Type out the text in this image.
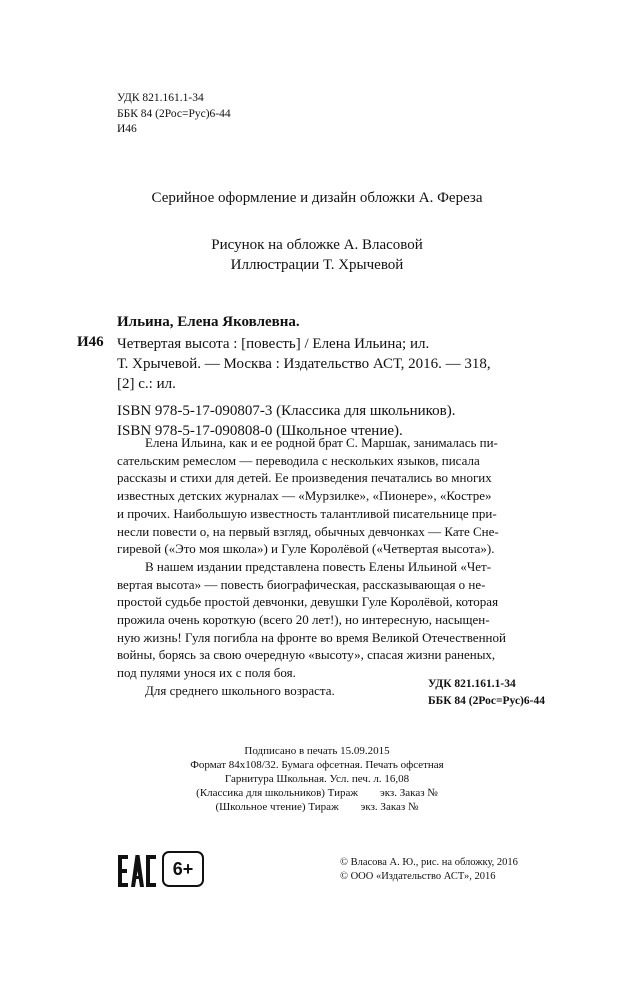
УДК 821.161.1-34
ББК 84 (2Рос=Рус)6-44
И46
Серийное оформление и дизайн обложки А. Фереза
Рисунок на обложке А. Власовой
Иллюстрации Т. Хрычевой
Ильина, Елена Яковлевна.
И46 Четвертая высота : [повесть] / Елена Ильина; ил.
Т. Хрычевой. — Москва : Издательство АСТ, 2016. — 318,
[2] с.: ил.
ISBN 978-5-17-090807-3 (Классика для школьников).
ISBN 978-5-17-090808-0 (Школьное чтение).
Елена Ильина, как и ее родной брат С. Маршак, занималась пи-
сательским ремеслом — переводила с нескольких языков, писала
рассказы и стихи для детей. Ее произведения печатались во многих
известных детских журналах — «Мурзилке», «Пионере», «Костре»
и прочих. Наибольшую известность талантливой писательнице при-
несли повести о, на первый взгляд, обычных девчонках — Кате Сне-
гиревой («Это моя школа») и Гуле Королёвой («Четвертая высота»).
В нашем издании представлена повесть Елены Ильиной «Чет-
вертая высота» — повесть биографическая, рассказывающая о не-
простой судьбе простой девчонки, девушки Гуле Королёвой, которая
прожила очень короткую (всего 20 лет!), но интересную, насыщен-
ную жизнь! Гуля погибла на фронте во время Великой Отечественной
войны, борясь за свою очередную «высоту», спасая жизни раненых,
под пулями унося их с поля боя.
Для среднего школьного возраста.	УДК 821.161.1-34
ББК 84 (2Рос=Рус)6-44
Подписано в печать 15.09.2015
Формат 84x108/32. Бумага офсетная. Печать офсетная
Гарнитура Школьная. Усл. печ. л. 16,08
(Классика для школьников) Тираж        экз. Заказ №
(Школьное чтение) Тираж        экз. Заказ №
6+	© Власова А. Ю., рис. на обложку, 2016
© ООО «Издательство АСТ», 2016
